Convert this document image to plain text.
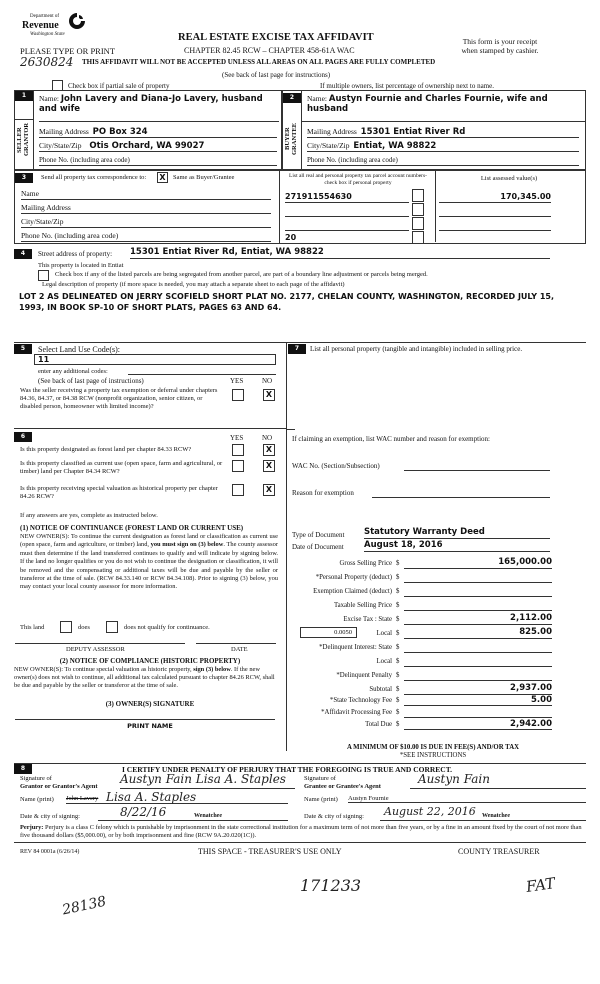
Department of
Revenue
Washington State	REAL ESTATE EXCISE TAX AFFIDAVIT
PLEASE TYPE OR PRINT	CHAPTER 82.45 RCW – CHAPTER 458-61A WAC
This form is your receipt
when stamped by cashier.
2630824 THIS AFFIDAVIT WILL NOT BE ACCEPTED UNLESS ALL AREAS ON ALL PAGES ARE FULLY COMPLETED
(See back of last page for instructions)
Check box if partial sale of property	If multiple owners, list percentage of ownership next to name.
1
SELLER
GRANTOR
Name: John Lavery and Diana-Jo Lavery, husband and wife
Mailing Address PO Box 324
City/State/Zip Otis Orchard, WA 99027
Phone No. (including area code)
2
BUYER
GRANTEE
Name: Austyn Fournie and Charles Fournie, wife and husband
Mailing Address 15301 Entiat River Rd
City/State/Zip Entiat, WA 98822
Phone No. (including area code)
3	Send all property tax correspondence to:	X	Same as Buyer/Grantee
Name
Mailing Address
City/State/Zip
Phone No. (including area code)
List all real and personal property tax parcel account numbers-check box if personal property
List assessed value(s)
271911554630	170,345.00
20
4	Street address of property: 15301 Entiat River Rd, Entiat, WA 98822
This property is located in Entiat
Check box if any of the listed parcels are being segregated from another parcel, are part of a boundary line adjustment or parcels being merged.
Legal description of property (if more space is needed, you may attach a separate sheet to each page of the affidavit)
LOT 2 AS DELINEATED ON JERRY SCOFIELD SHORT PLAT NO. 2177, CHELAN COUNTY, WASHINGTON, RECORDED JULY 15, 1993, IN BOOK SP-10 OF SHORT PLATS, PAGES 63 AND 64.
5	Select Land Use Code(s):
11
enter any additional codes:
(See back of last page of instructions)	YES	NO
Was the seller receiving a property tax exemption or deferral under chapters 84.36, 84.37, or 84.38 RCW (nonprofit organization, senior citizen, or disabled person, homeowner with limited income)?
X
6	YES	NO
Is this property designated as forest land per chapter 84.33 RCW?	X
Is this property classified as current use (open space, farm and agricultural, or timber) land per Chapter 84.34 RCW?
X
Is this property receiving special valuation as historical property per chapter 84.26 RCW?
X
If any answers are yes, complete as instructed below.
(1) NOTICE OF CONTINUANCE (FOREST LAND OR CURRENT USE)
NEW OWNER(S): To continue the current designation as forest land or classification as current use (open space, farm and agriculture, or timber) land, you must sign on (3) below. The county assessor must then determine if the land transferred continues to qualify and will indicate by signing below. If the land no longer qualifies or you do not wish to continue the designation or classification, it will be removed and the compensating or additional taxes will be due and payable by the seller or transferor at the time of sale. (RCW 84.33.140 or RCW 84.34.108). Prior to signing (3) below, you may contact your local county assessor for more information.
This land	does	does not qualify for continuance.
DEPUTY ASSESSOR	DATE
(2) NOTICE OF COMPLIANCE (HISTORIC PROPERTY)
NEW OWNER(S): To continue special valuation as historic property, sign (3) below. If the new owner(s) does not wish to continue, all additional tax calculated pursuant to chapter 84.26 RCW, shall be due and payable by the seller or transferor at the time of sale.
(3) OWNER(S) SIGNATURE
PRINT NAME
7	List all personal property (tangible and intangible) included in selling price.
If claiming an exemption, list WAC number and reason for exemption:
WAC No. (Section/Subsection)
Reason for exemption
Type of Document Statutory Warranty Deed
Date of Document August 18, 2016
Gross Selling Price $	165,000.00
*Personal Property (deduct) $
Exemption Claimed (deduct) $
Taxable Selling Price $
Excise Tax : State $	2,112.00
0.0050	Local $	825.00
*Delinquent Interest: State $
Local $
*Delinquent Penalty $
Subtotal $	2,937.00
*State Technology Fee $	5.00
*Affidavit Processing Fee $
Total Due $	2,942.00
A MINIMUM OF $10.00 IS DUE IN FEE(S) AND/OR TAX
*SEE INSTRUCTIONS
8	I CERTIFY UNDER PENALTY OF PERJURY THAT THE FOREGOING IS TRUE AND CORRECT.
Signature of
Grantor or Grantor's Agent
Austyn Fain Lisa A. Staples	Signature of
Grantee or Grantee's Agent
Austyn Fain
Name (print) John Lavery Lisa A. Staples	Name (print) Austyn Fournie
Date & city of signing:	8/22/16	Wenatchee	Date & city of signing: August 22, 2016 Wenatchee
Perjury: Perjury is a class C felony which is punishable by imprisonment in the state correctional institution for a maximum term of not more than five years, or by a fine in an amount fixed by the court of not more than five thousand dollars ($5,000.00), or by both imprisonment and fine (RCW 9A.20.020(1C)).
REV 84 0001a (6/26/14)	THIS SPACE - TREASURER'S USE ONLY	COUNTY TREASURER
28138
171233	FAT
